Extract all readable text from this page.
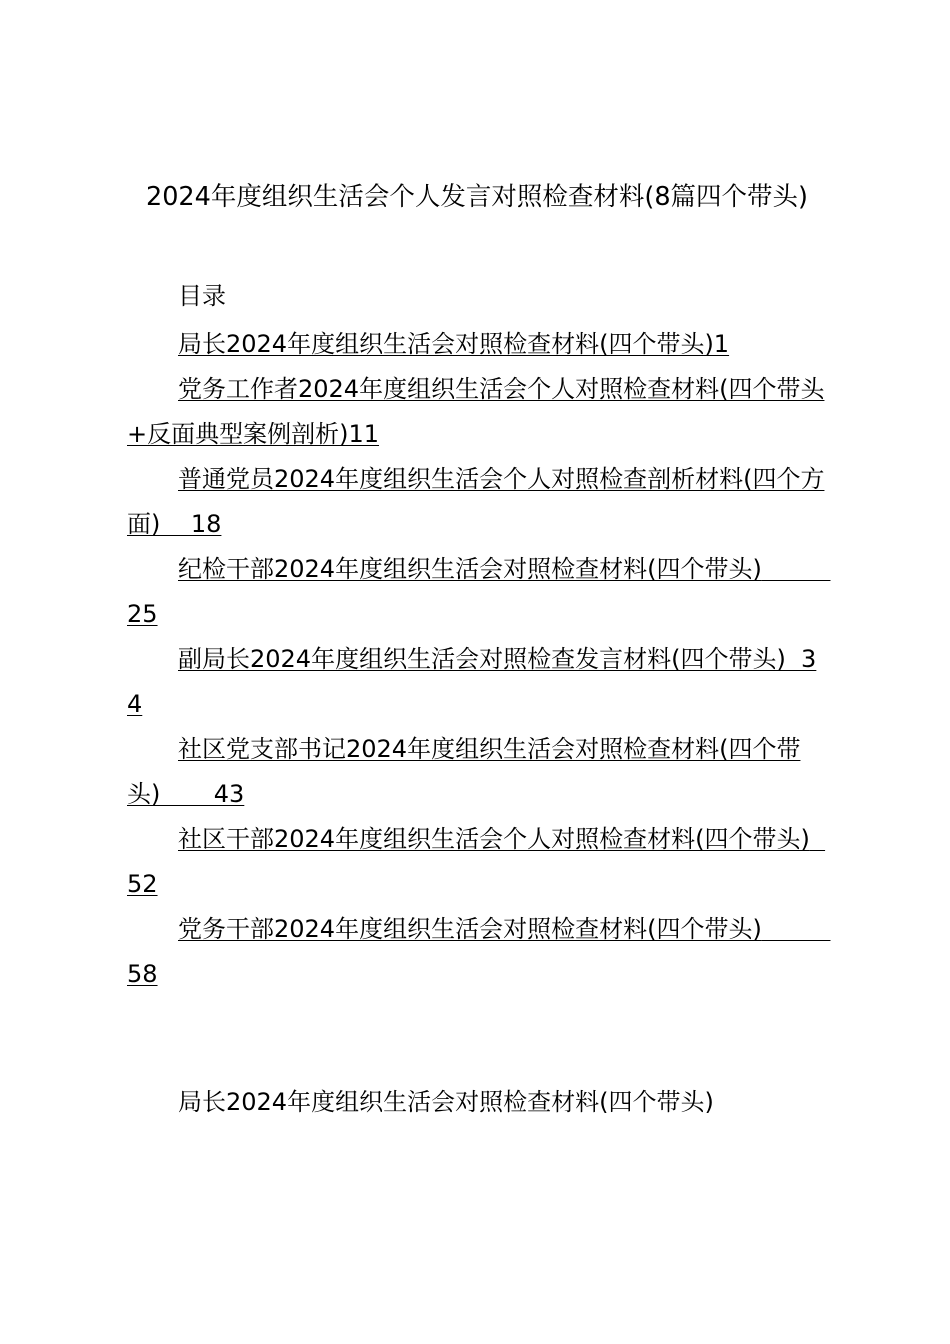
2024年度组织生活会个人发言对照检查材料(8篇四个带头)

目录

局长2024年度组织生活会对照检查材料(四个带头)1
党务工作者2024年度组织生活会个人对照检查材料(四个带头+反面典型案例剖析)11
普通党员2024年度组织生活会个人对照检查剖析材料(四个方面)    18
纪检干部2024年度组织生活会对照检查材料(四个带头)         25
副局长2024年度组织生活会对照检查发言材料(四个带头)  34
社区党支部书记2024年度组织生活会对照检查材料(四个带头)       43
社区干部2024年度组织生活会个人对照检查材料(四个带头)  52
党务干部2024年度组织生活会对照检查材料(四个带头)         58
局长2024年度组织生活会对照检查材料(四个带头)
